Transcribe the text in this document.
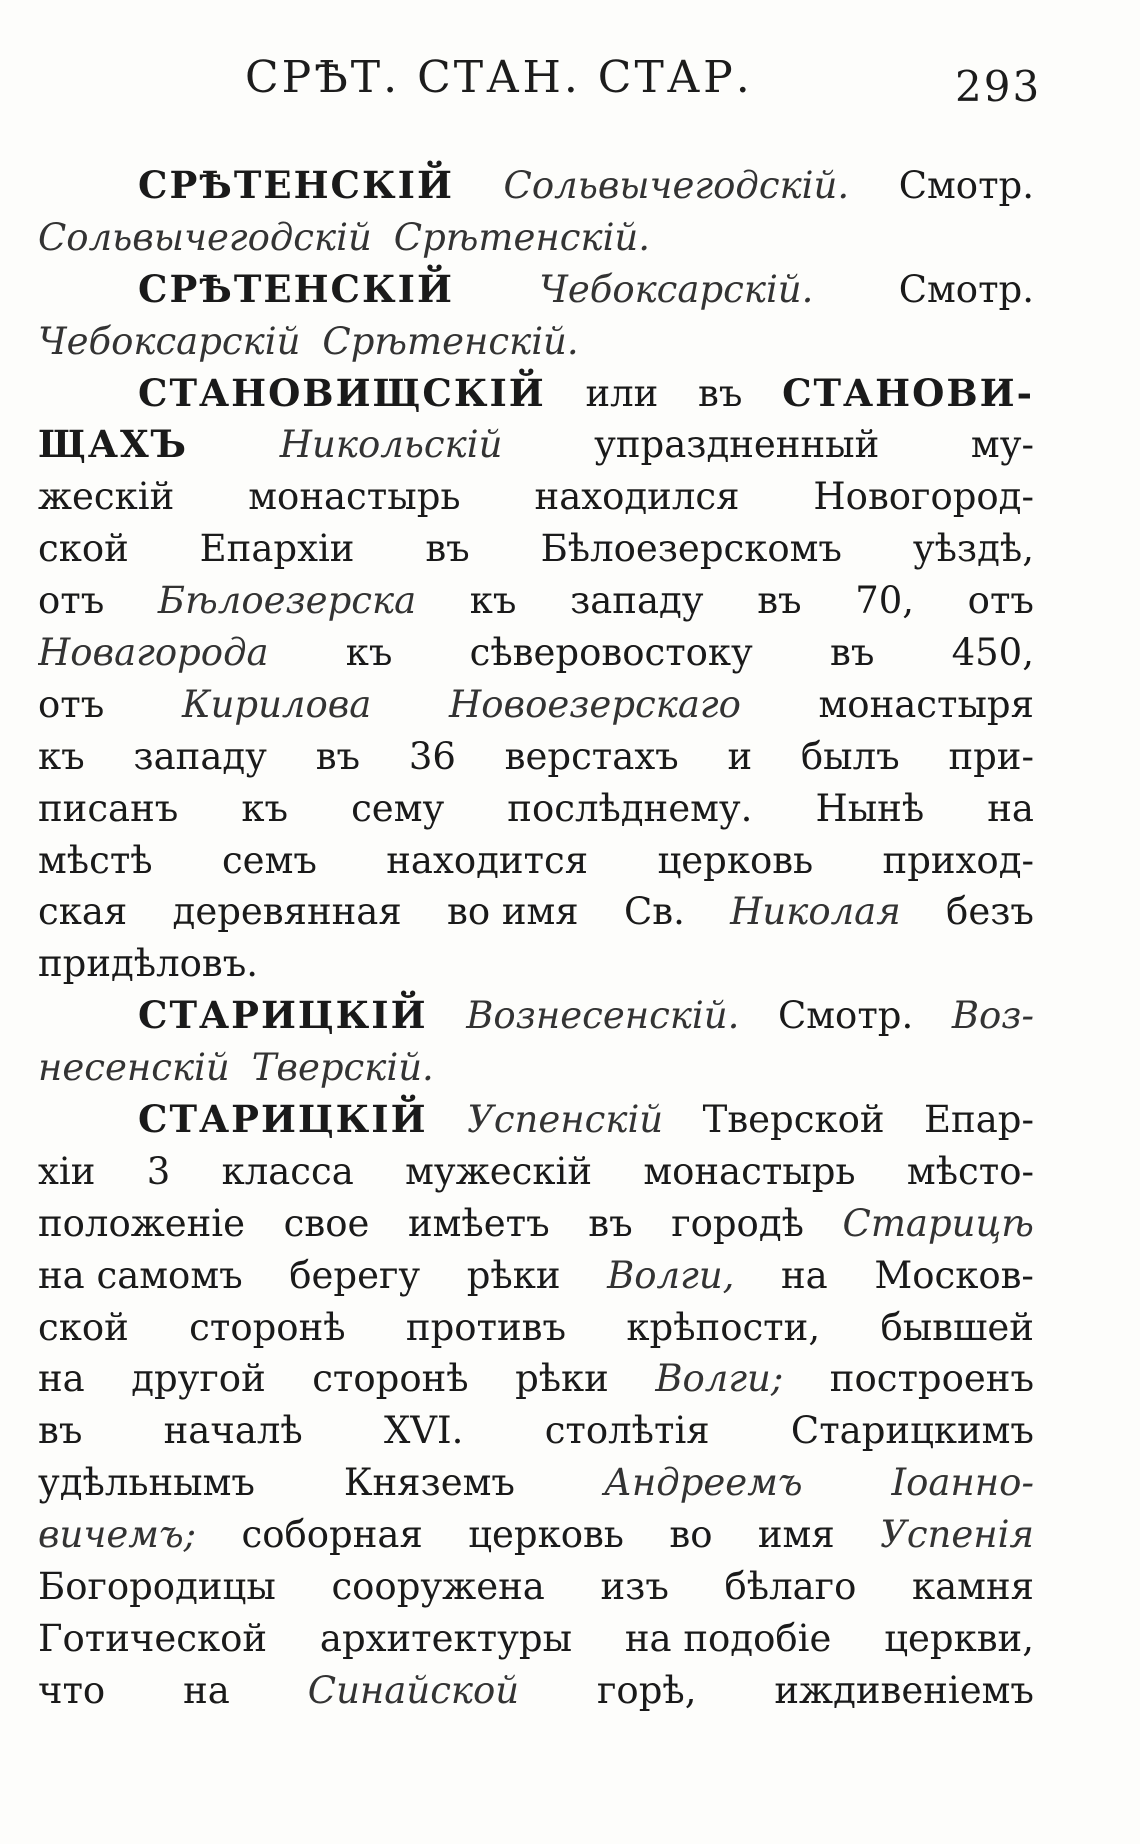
СРѢТ. СТАН. СТАР.	293
СРѢТЕНСКІЙ Сольвычегодскій. Смотр.
Сольвычегодскій Срѣтенскій.
СРѢТЕНСКІЙ Чебоксарскій. Смотр.
Чебоксарскій Срѣтенскій.
СТАНОВИЩСКІЙ или въ СТАНОВИ-
ЩАХЪ Никольскій упраздненный му-
жескій монастырь находился Новогород-
ской Епархіи въ Бѣлоезерскомъ уѣздѣ,
отъ Бѣлоезерска къ западу въ 70, отъ
Новагорода къ сѣверовостоку въ 450,
отъ Кирилова Новоезерскаго монастыря
къ западу въ 36 верстахъ и былъ при-
писанъ къ сему послѣднему. Нынѣ на
мѣстѣ семъ находится церковь приход-
ская деревянная во имя Св. Николая безъ
придѣловъ.
СТАРИЦКІЙ Вознесенскій. Смотр. Воз-
несенскій Тверскій.
СТАРИЦКІЙ Успенскій Тверской Епар-
хіи 3 класса мужескій монастырь мѣсто-
положеніе свое имѣетъ въ городѣ Старицѣ
на самомъ берегу рѣки Волги, на Москов-
ской сторонѣ противъ крѣпости, бывшей
на другой сторонѣ рѣки Волги; построенъ
въ началѣ XVI. столѣтія Старицкимъ
удѣльнымъ Княземъ Андреемъ Іоанно-
вичемъ; соборная церковь во имя Успенія
Богородицы сооружена изъ бѣлаго камня
Готической архитектуры на подобіе церкви,
что на Синайской горѣ, иждивеніемъ
